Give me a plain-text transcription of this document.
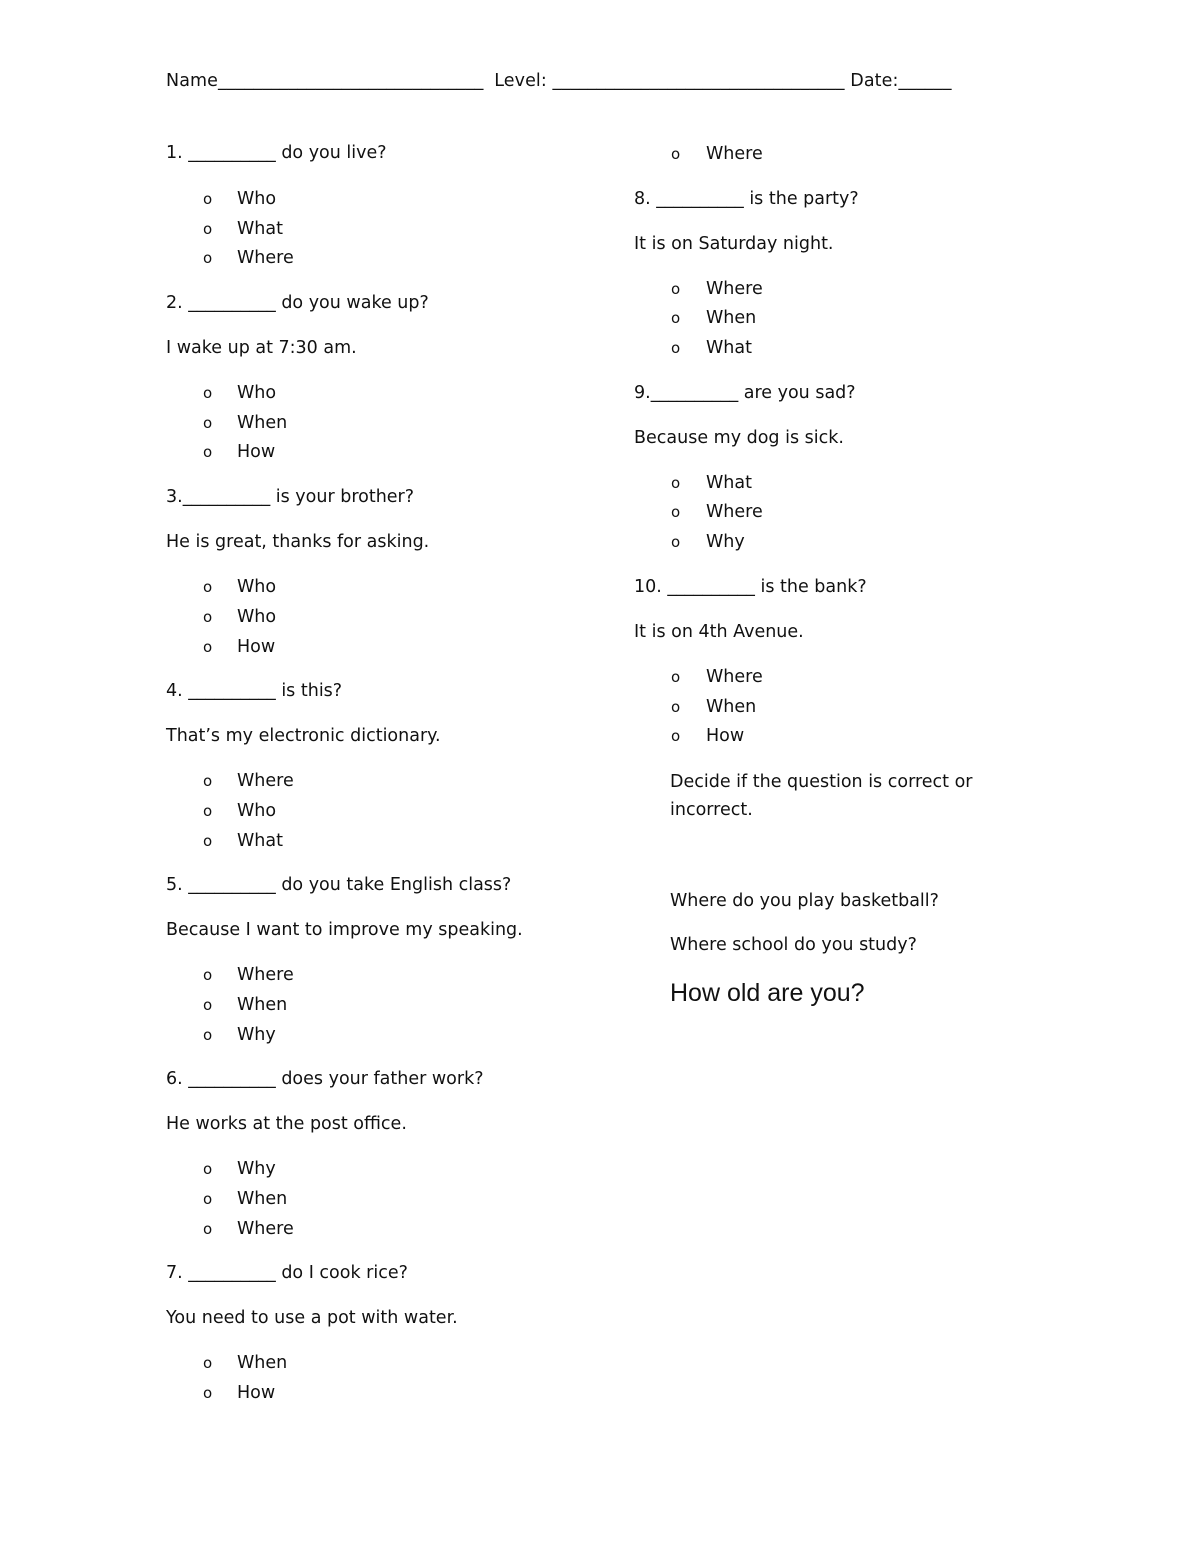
Name______________________________ Level: _________________________________ Date:______
1. __________ do you live?
o Who
o What
o Where
2. __________ do you wake up?
I wake up at 7:30 am.
o Who
o When
o How
3.__________ is your brother?
He is great, thanks for asking.
o Who
o Who
o How
4. __________ is this?
That’s my electronic dictionary.
o Where
o Who
o What
5. __________ do you take English class?
Because I want to improve my speaking.
o Where
o When
o Why
6. __________ does your father work?
He works at the post office.
o Why
o When
o Where
7. __________ do I cook rice?
You need to use a pot with water.
o When
o How
o Where
8. __________ is the party?
It is on Saturday night.
o Where
o When
o What
9.__________ are you sad?
Because my dog is sick.
o What
o Where
o Why
10. __________ is the bank?
It is on 4th Avenue.
o Where
o When
o How
Decide if the question is correct or incorrect.
Where do you play basketball?
Where school do you study?
How old are you?
